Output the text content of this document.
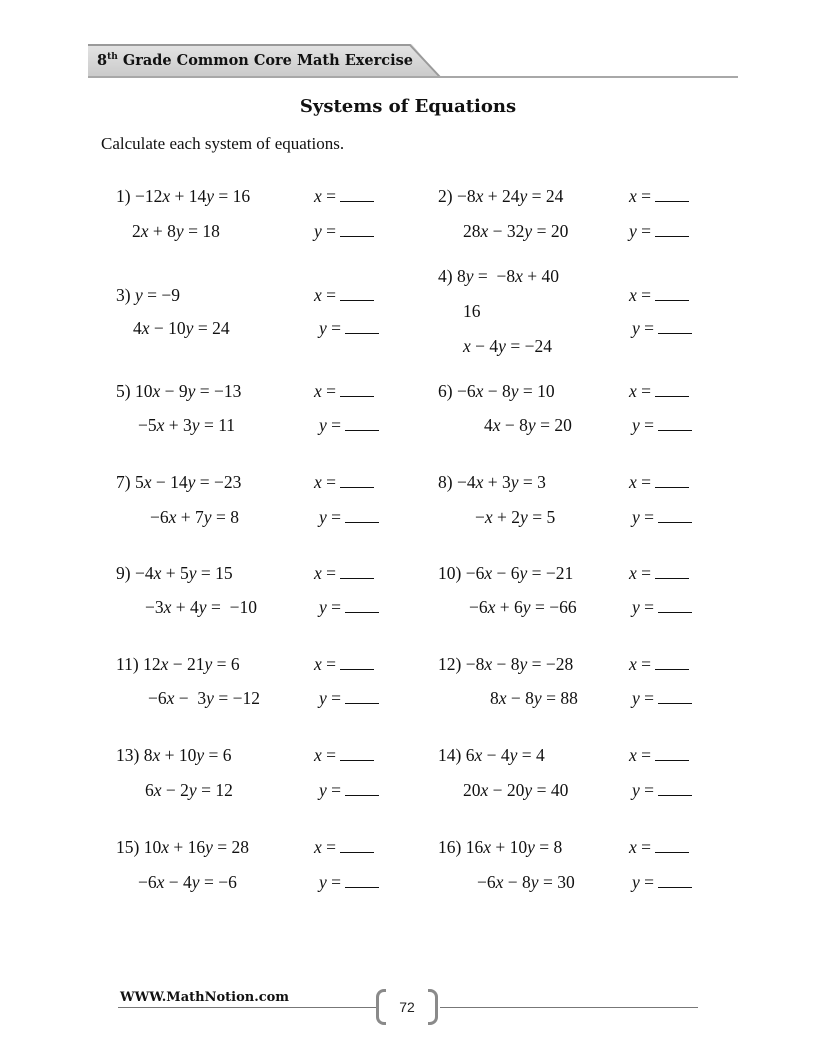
8th Grade Common Core Math Exercise
Systems of Equations
Calculate each system of equations.
1) −12x + 14y = 16
2x + 8y = 18
x =
y =
2) −8x + 24y = 24
28x − 32y = 20
x =
y =
3) y = −9
4x − 10y = 24
x =
y =
4) 8y = −8x + 40
16
x − 4y = −24
x =
y =
5) 10x − 9y = −13
−5x + 3y = 11
x =
y =
6) −6x − 8y = 10
4x − 8y = 20
x =
y =
7) 5x − 14y = −23
−6x + 7y = 8
x =
y =
8) −4x + 3y = 3
−x + 2y = 5
x =
y =
9) −4x + 5y = 15
−3x + 4y = −10
x =
y =
10) −6x − 6y = −21
−6x + 6y = −66
x =
y =
11) 12x − 21y = 6
−6x − 3y = −12
x =
y =
12) −8x − 8y = −28
8x − 8y = 88
x =
y =
13) 8x + 10y = 6
6x − 2y = 12
x =
y =
14) 6x − 4y = 4
20x − 20y = 40
x =
y =
15) 10x + 16y = 28
−6x − 4y = −6
x =
y =
16) 16x + 10y = 8
−6x − 8y = 30
x =
y =
WWW.MathNotion.com
72
